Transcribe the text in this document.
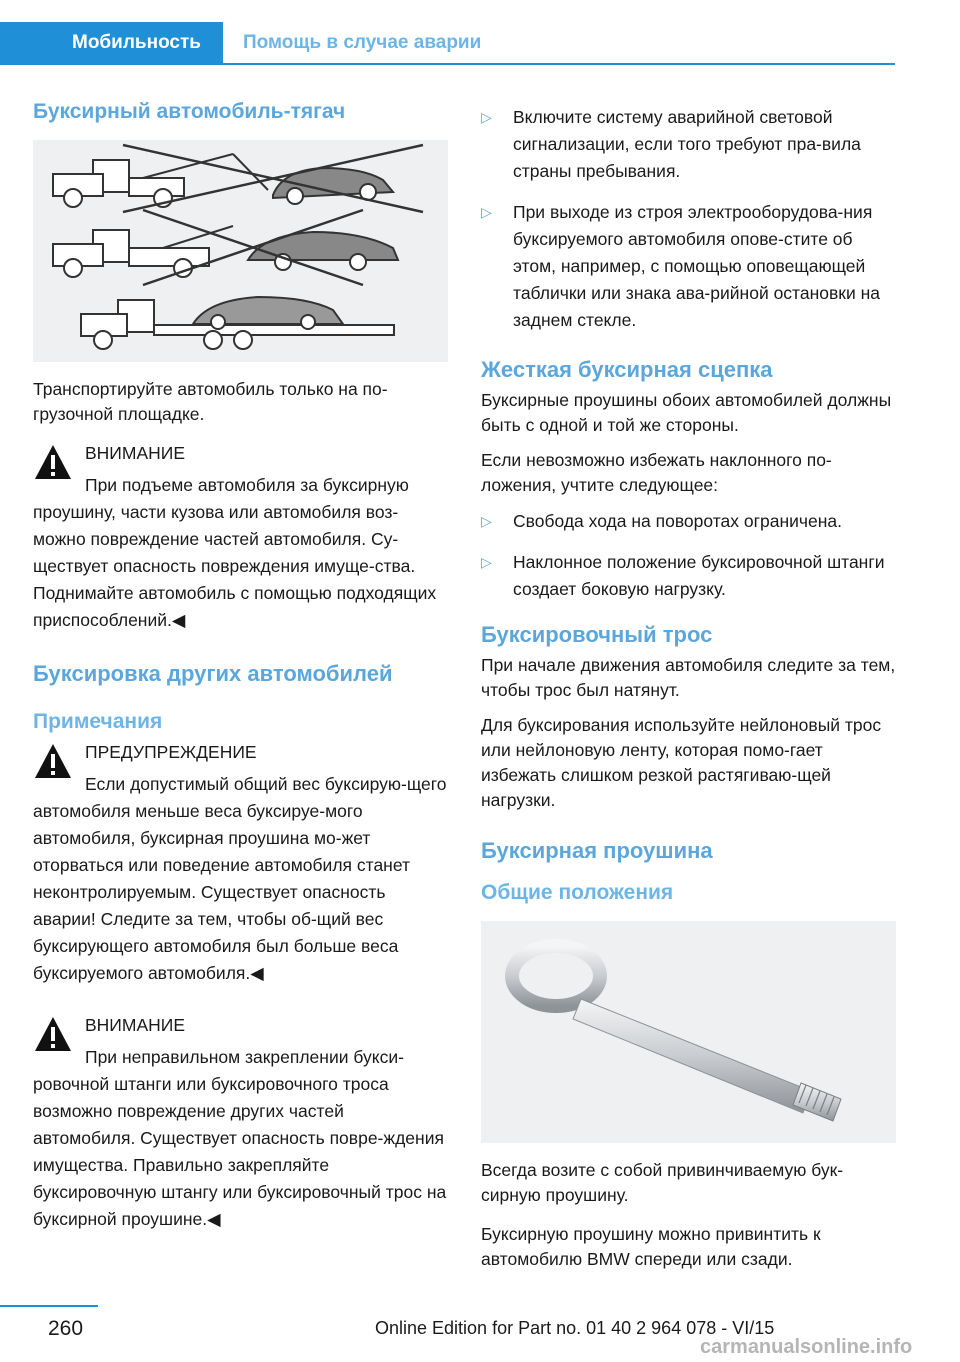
Мобильность	Помощь в случае аварии
Буксирный автомобиль-тягач

Транспортируйте автомобиль только на по-грузочной площадке.

ВНИМАНИЕ
При подъеме автомобиля за буксирную проушину, части кузова или автомобиля воз-можно повреждение частей автомобиля. Су-ществует опасность повреждения имуще-ства. Поднимайте автомобиль с помощью подходящих приспособлений.◀
Буксировка других автомобилей
Примечания
ПРЕДУПРЕЖДЕНИЕ
Если допустимый общий вес буксирую-щего автомобиля меньше веса буксируе-мого автомобиля, буксирная проушина мо-жет оторваться или поведение автомобиля станет неконтролируемым. Существует опасность аварии! Следите за тем, чтобы об-щий вес буксирующего автомобиля был больше веса буксируемого автомобиля.◀
ВНИМАНИЕ
При неправильном закреплении букси-ровочной штанги или буксировочного троса возможно повреждение других частей автомобиля. Существует опасность повре-ждения имущества. Правильно закрепляйте буксировочную штангу или буксировочный трос на буксирной проушине.◀
▷ Включите систему аварийной световой сигнализации, если того требуют пра-вила страны пребывания.
▷ При выходе из строя электрооборудова-ния буксируемого автомобиля опове-стите об этом, например, с помощью оповещающей таблички или знака ава-рийной остановки на заднем стекле.
Жесткая буксирная сцепка

Буксирные проушины обоих автомобилей должны быть с одной и той же стороны.

Если невозможно избежать наклонного по-ложения, учтите следующее:

▷ Свобода хода на поворотах ограничена.
▷ Наклонное положение буксировочной штанги создает боковую нагрузку.
Буксировочный трос

При начале движения автомобиля следите за тем, чтобы трос был натянут.

Для буксирования используйте нейлоновый трос или нейлоновую ленту, которая помо-гает избежать слишком резкой растягиваю-щей нагрузки.

Буксирная проушина
Общие положения

Всегда возите с собой привинчиваемую бук-сирную проушину.

Буксирную проушину можно привинтить к автомобилю BMW спереди или сзади.

260	Online Edition for Part no. 01 40 2 964 078 - VI/15
carmanualsonline.info
